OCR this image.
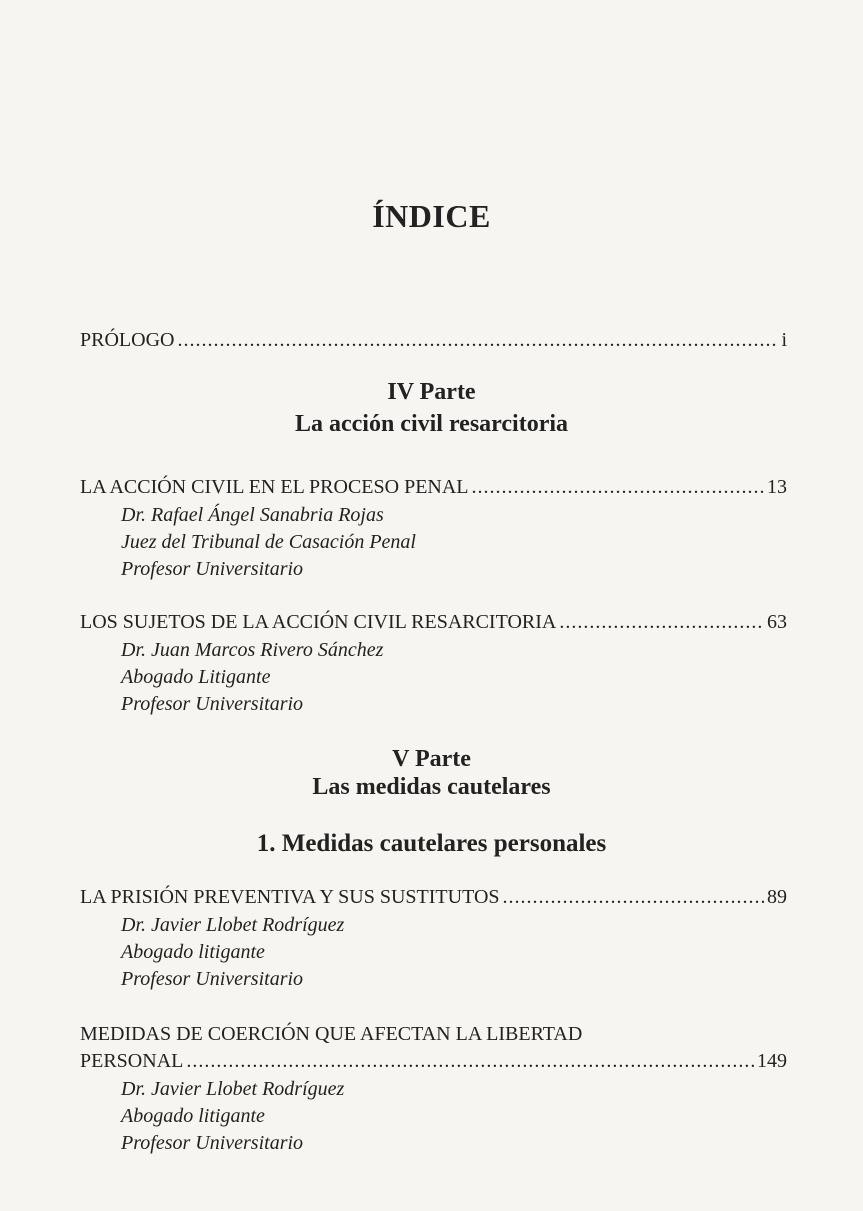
ÍNDICE
PRÓLOGO .....	i
IV Parte
La acción civil resarcitoria
LA ACCIÓN CIVIL EN EL PROCESO PENAL .....	13
Dr. Rafael Ángel Sanabria Rojas
Juez del Tribunal de Casación Penal
Profesor Universitario
LOS SUJETOS DE LA ACCIÓN CIVIL RESARCITORIA .....	63
Dr. Juan Marcos Rivero Sánchez
Abogado Litigante
Profesor Universitario
V Parte
Las medidas cautelares
1. Medidas cautelares personales
LA PRISIÓN PREVENTIVA Y SUS SUSTITUTOS .....	89
Dr. Javier Llobet Rodríguez
Abogado litigante
Profesor Universitario
MEDIDAS DE COERCIÓN QUE AFECTAN LA LIBERTAD
PERSONAL .....	149
Dr. Javier Llobet Rodríguez
Abogado litigante
Profesor Universitario
